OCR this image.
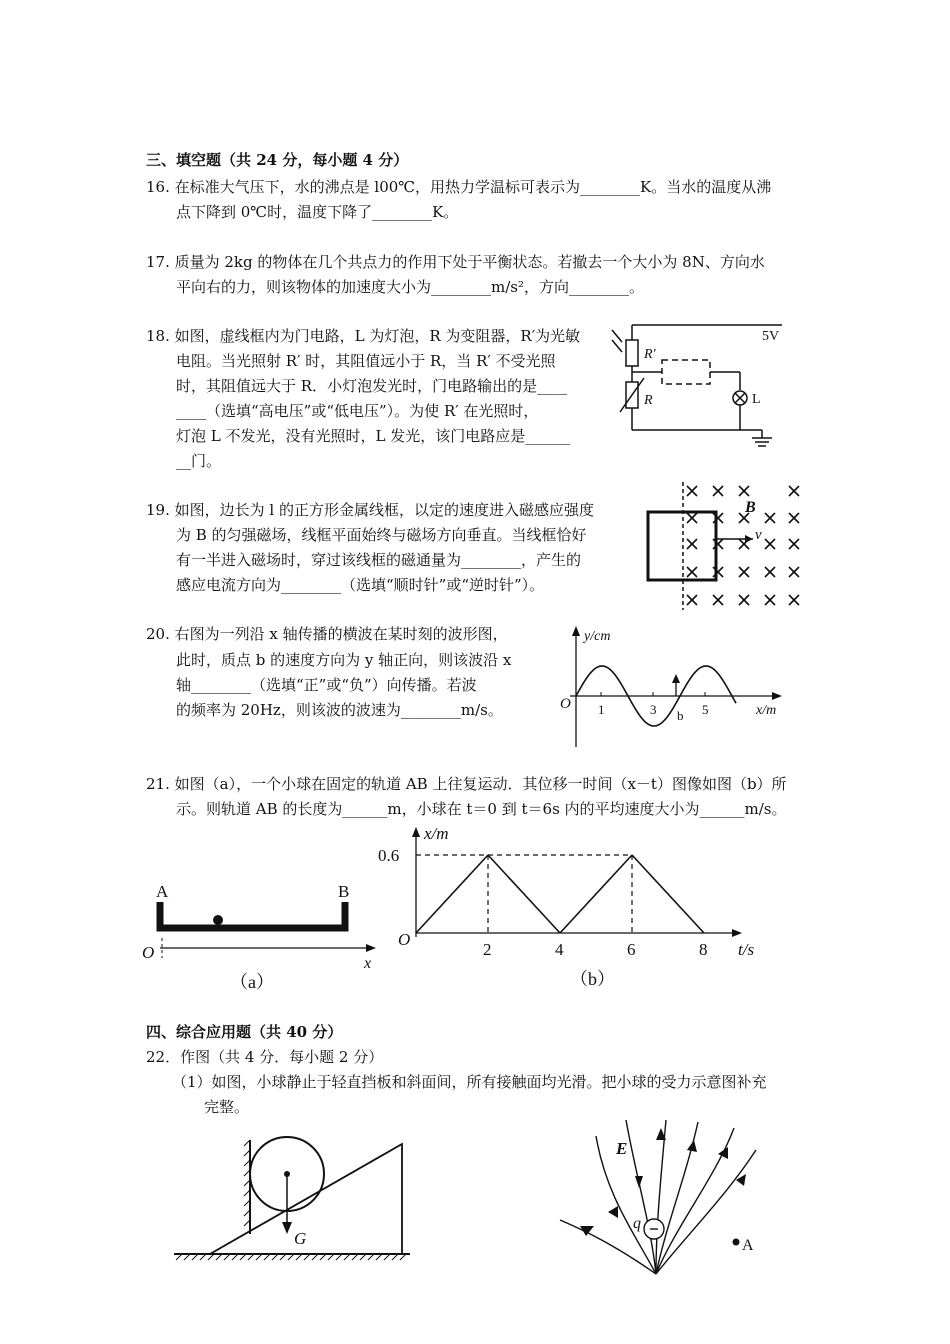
三、填空题（共 24 分，每小题 4 分）
16. 在标准大气压下，水的沸点是 l00℃，用热力学温标可表示为________K。当水的温度从沸
点下降到 0℃时，温度下降了________K。
17. 质量为 2kg 的物体在几个共点力的作用下处于平衡状态。若撤去一个大小为 8N、方向水
平向右的力，则该物体的加速度大小为________m/s²，方向________。
18. 如图，虚线框内为门电路，L 为灯泡，R 为变阻器，R′为光敏
电阻。当光照射 R′ 时，其阻值远小于 R，当 R′ 不受光照
时，其阻值远大于 R．小灯泡发光时，门电路输出的是____
____（选填“高电压”或“低电压”）。为使 R′ 在光照时，
灯泡 L 不发光，没有光照时，L 发光，该门电路应是______
__门。
5V
R′
R	L
19. 如图，边长为 l 的正方形金属线框，以定的速度进入磁感应强度
为 B 的匀强磁场，线框平面始终与磁场方向垂直。当线框恰好
有一半进入磁场时，穿过该线框的磁通量为________，产生的
感应电流方向为________（选填“顺时针”或“逆时针”）。
B
v
20. 右图为一列沿 x 轴传播的横波在某时刻的波形图，
此时，质点 b 的速度方向为 y 轴正向，则该波沿 x
轴________（选填“正”或“负”）向传播。若波
的频率为 20Hz，则该波的波速为________m/s。
y/cm
x/m
O 1	3	5
b
21. 如图（a），一个小球在固定的轨道 AB 上往复运动．其位移一时间（x－t）图像如图（b）所
示。则轨道 AB 的长度为______m，小球在 t＝0 到 t＝6s 内的平均速度大小为______m/s。
A	B
O
x
（a）
x/m
t/s
O
0.6
2	4	6	8
（b）
四、综合应用题（共 40 分）
22．作图（共 4 分．每小题 2 分）
（1）如图，小球静止于轻直挡板和斜面间，所有接触面均光滑。把小球的受力示意图补充
完整。
G
E
q
A
